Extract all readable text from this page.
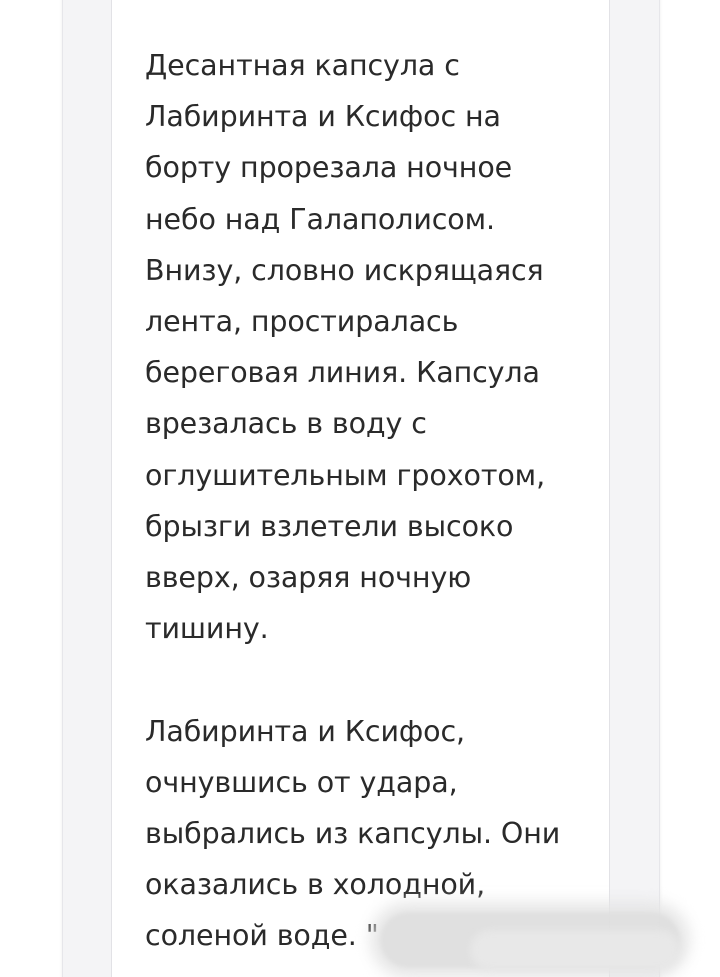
Десантная капсула с Лабиринта и Ксифос на борту прорезала ночное небо над Галаполисом. Внизу, словно искрящаяся лента, простиралась береговая линия. Капсула врезалась в воду с оглушительным грохотом, брызги взлетели высоко вверх, озаряя ночную тишину.

Лабиринта и Ксифос, очнувшись от удара, выбрались из капсулы. Они оказались в холодной, соленой воде. "
